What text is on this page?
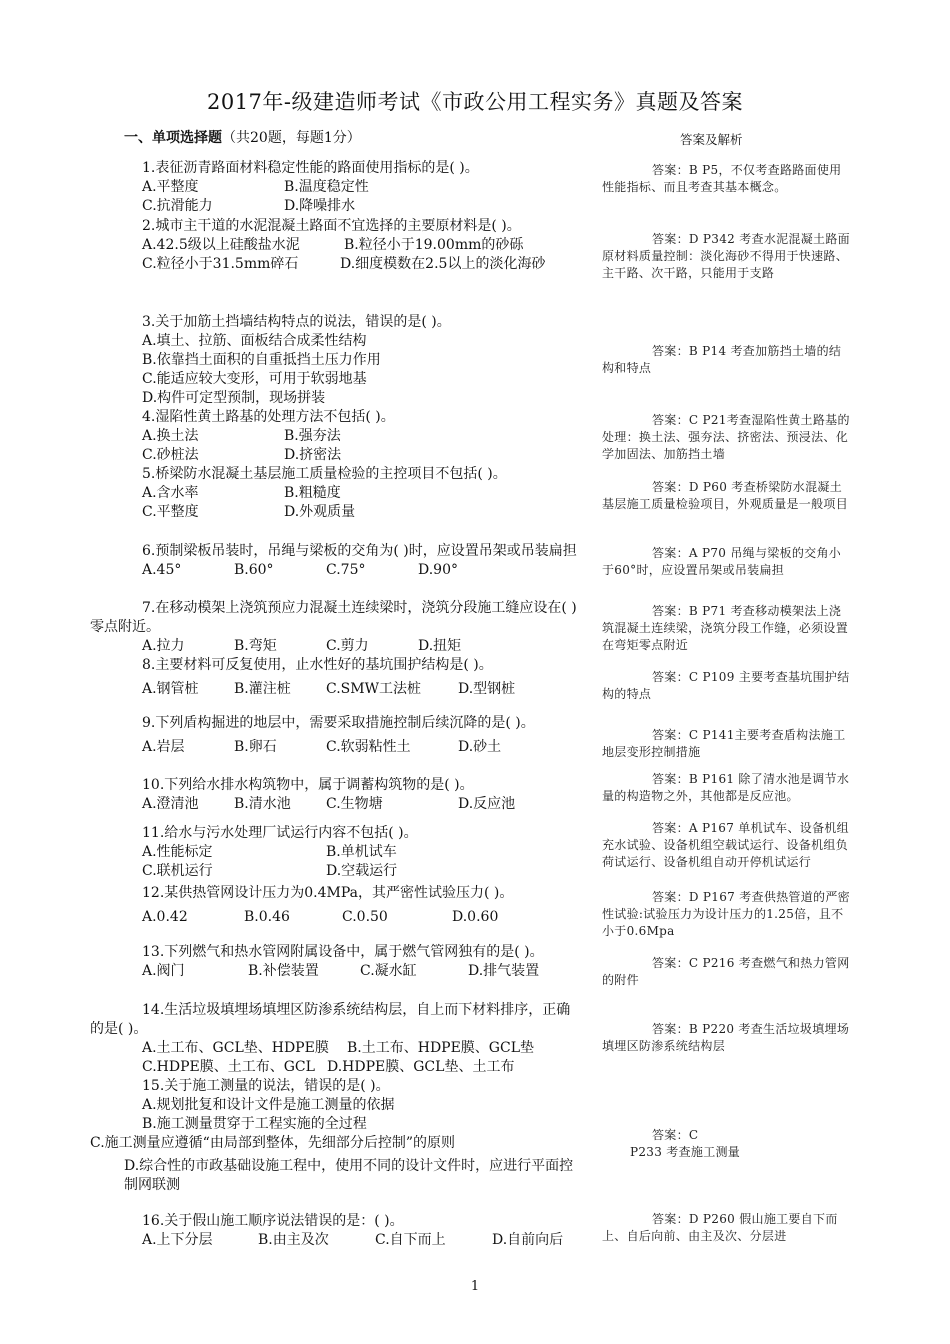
2017年-级建造师考试《市政公用工程实务》真题及答案
一、单项选择题（共20题，每题1分）	答案及解析

1.表征沥青路面材料稳定性能的路面使用指标的是( )。

A.平整度	B.温度稳定性

C.抗滑能力	D.降噪排水

2.城市主干道的水泥混凝土路面不宜选择的主要原材料是( )。

A.42.5级以上硅酸盐水泥	B.粒径小于19.00mm的砂砾

C.粒径小于31.5mm碎石	D.细度模数在2.5以上的淡化海砂

3.关于加筋土挡墙结构特点的说法，错误的是( )。

A.填土、拉筋、面板结合成柔性结构

B.依靠挡土面积的自重抵挡土压力作用

C.能适应较大变形，可用于软弱地基

D.构件可定型预制，现场拼装

4.湿陷性黄土路基的处理方法不包括( )。

A.换土法	B.强夯法

C.砂桩法	D.挤密法

5.桥梁防水混凝土基层施工质量检验的主控项目不包括( )。

A.含水率	B.粗糙度

C.平整度	D.外观质量

6.预制梁板吊装时，吊绳与梁板的交角为( )时，应设置吊架或吊装扁担

A.45°	B.60°	C.75°	D.90°

7.在移动模架上浇筑预应力混凝土连续梁时，浇筑分段施工缝应设在( )零点附近。

A.拉力	B.弯矩	C.剪力	D.扭矩

8.主要材料可反复使用，止水性好的基坑围护结构是( )。

A.钢管桩	B.灌注桩	C.SMW工法桩	D.型钢桩

9.下列盾构掘进的地层中，需要采取措施控制后续沉降的是( )。

A.岩层	B.卵石	C.软弱粘性土	D.砂土

10.下列给水排水构筑物中，属于调蓄构筑物的是( )。

A.澄清池	B.清水池	C.生物塘	D.反应池

11.给水与污水处理厂试运行内容不包括( )。

A.性能标定	B.单机试车

C.联机运行	D.空载运行

12.某供热管网设计压力为0.4MPa，其严密性试验压力( )。

A.0.42	B.0.46	C.0.50	D.0.60

13.下列燃气和热水管网附属设备中，属于燃气管网独有的是( )。

A.阀门	B.补偿装置	C.凝水缸	D.排气装置

14.生活垃圾填埋场填埋区防渗系统结构层，自上而下材料排序，正确的是( )。

A.土工布、GCL垫、HDPE膜	B.土工布、HDPE膜、GCL垫

C.HDPE膜、土工布、GCL D.HDPE膜、GCL垫、土工布

15.关于施工测量的说法，错误的是( )。

A.规划批复和设计文件是施工测量的依据

B.施工测量贯穿于工程实施的全过程

C.施工测量应遵循“由局部到整体，先细部分后控制”的原则

D.综合性的市政基础设施工程中，使用不同的设计文件时，应进行平面控制网联测

16.关于假山施工顺序说法错误的是：( )。

A.上下分层	B.由主及次	C.自下而上	D.自前向后

答案：B P5，不仅考查路路面使用性能指标、而且考查其基本概念。
答案：D P342 考查水泥混凝土路面原材料质量控制：淡化海砂不得用于快速路、主干路、次干路，只能用于支路
答案：B P14 考查加筋挡土墙的结构和特点
答案：C P21考查湿陷性黄土路基的处理：换土法、强夯法、挤密法、预浸法、化学加固法、加筋挡土墙
答案：D P60 考查桥梁防水混凝土基层施工质量检验项目，外观质量是一般项目
答案：A P70 吊绳与梁板的交角小于60°时，应设置吊架或吊装扁担
答案：B P71 考查移动模架法上浇筑混凝土连续梁，浇筑分段工作缝，必须设置在弯矩零点附近
答案：C P109 主要考查基坑围护结构的特点
答案：C P141主要考查盾构法施工地层变形控制措施
答案：B P161 除了清水池是调节水量的构造物之外，其他都是反应池。
答案：A P167 单机试车、设备机组充水试验、设备机组空载试运行、设备机组负荷试运行、设备机组自动开停机试运行
答案：D P167 考查供热管道的严密性试验:试验压力为设计压力的1.25倍，且不小于0.6Mpa
答案：C P216 考查燃气和热力管网的附件
答案：B P220 考查生活垃圾填埋场填埋区防渗系统结构层
答案：C
P233 考查施工测量
答案：D P260 假山施工要自下而上、自后向前、由主及次、分层进
1
